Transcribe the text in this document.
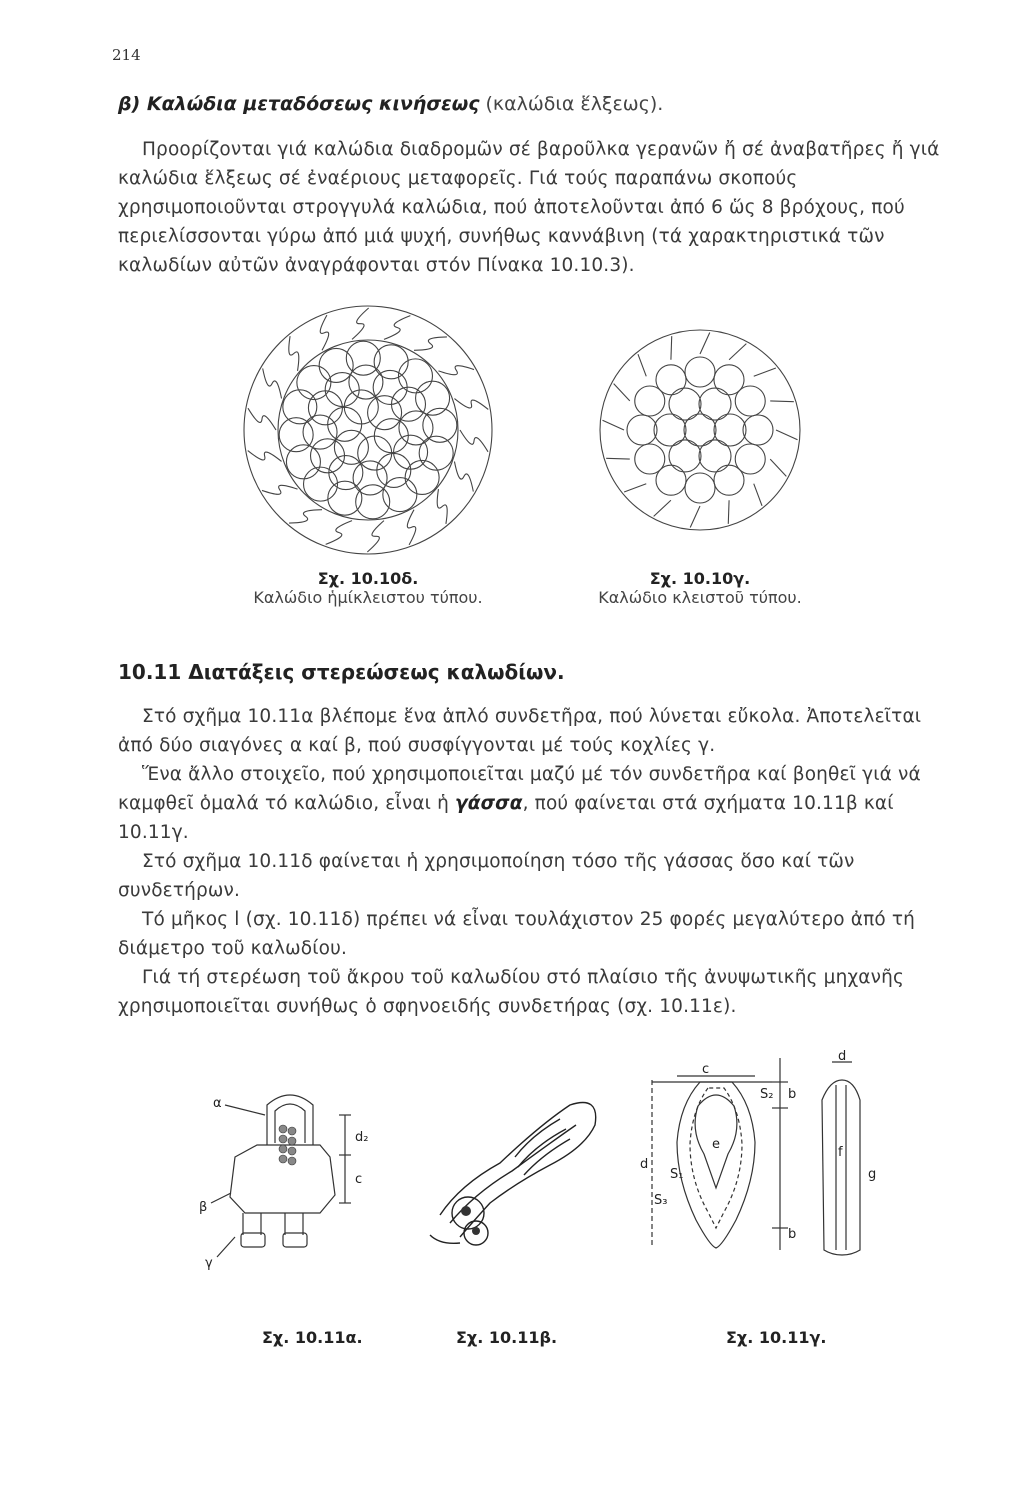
214
β) Καλώδια μεταδόσεως κινήσεως (καλώδια ἕλξεως).
Προορίζονται γιά καλώδια διαδρομῶν σέ βαροῦλκα γερανῶν ἤ σέ ἀναβατῆρες ἤ γιά καλώδια ἕλξεως σέ ἐναέριους μεταφορεῖς. Γιά τούς παραπάνω σκοπούς χρησιμοποιοῦνται στρογγυλά καλώδια, πού ἀποτελοῦνται ἀπό 6 ὥς 8 βρόχους, πού περιελίσσονται γύρω ἀπό μιά ψυχή, συνήθως καννάβινη (τά χαρακτηριστικά τῶν καλωδίων αὐτῶν ἀναγράφονται στόν Πίνακα 10.10.3).
Σχ. 10.10δ.
Καλώδιο ἡμίκλειστου τύπου.
Σχ. 10.10γ.
Καλώδιο κλειστοῦ τύπου.
10.11 Διατάξεις στερεώσεως καλωδίων.
Στό σχῆμα 10.11α βλέπομε ἕνα ἁπλό συνδετῆρα, πού λύνεται εὔκολα. Ἀποτελεῖται ἀπό δύο σιαγόνες α καί β, πού συσφίγγονται μέ τούς κοχλίες γ.
Ἕνα ἄλλο στοιχεῖο, πού χρησιμοποιεῖται μαζύ μέ τόν συνδετῆρα καί βοηθεῖ γιά νά καμφθεῖ ὁμαλά τό καλώδιο, εἶναι ἡ γάσσα, πού φαίνεται στά σχήματα 10.11β καί 10.11γ.
Στό σχῆμα 10.11δ φαίνεται ἡ χρησιμοποίηση τόσο τῆς γάσσας ὅσο καί τῶν συνδετήρων.
Τό μῆκος l (σχ. 10.11δ) πρέπει νά εἶναι τουλάχιστον 25 φορές μεγαλύτερο ἀπό τή διάμετρο τοῦ καλωδίου.
Γιά τή στερέωση τοῦ ἄκρου τοῦ καλωδίου στό πλαίσιο τῆς ἀνυψωτικῆς μηχανῆς χρησιμοποιεῖται συνήθως ὁ σφηνοειδής συνδετήρας (σχ. 10.11ε).
α
β
γ
d₂
c
c
S₂ b
S₁
e
d
S₃
b
d
f
g
Σχ. 10.11α.	Σχ. 10.11β.	Σχ. 10.11γ.
